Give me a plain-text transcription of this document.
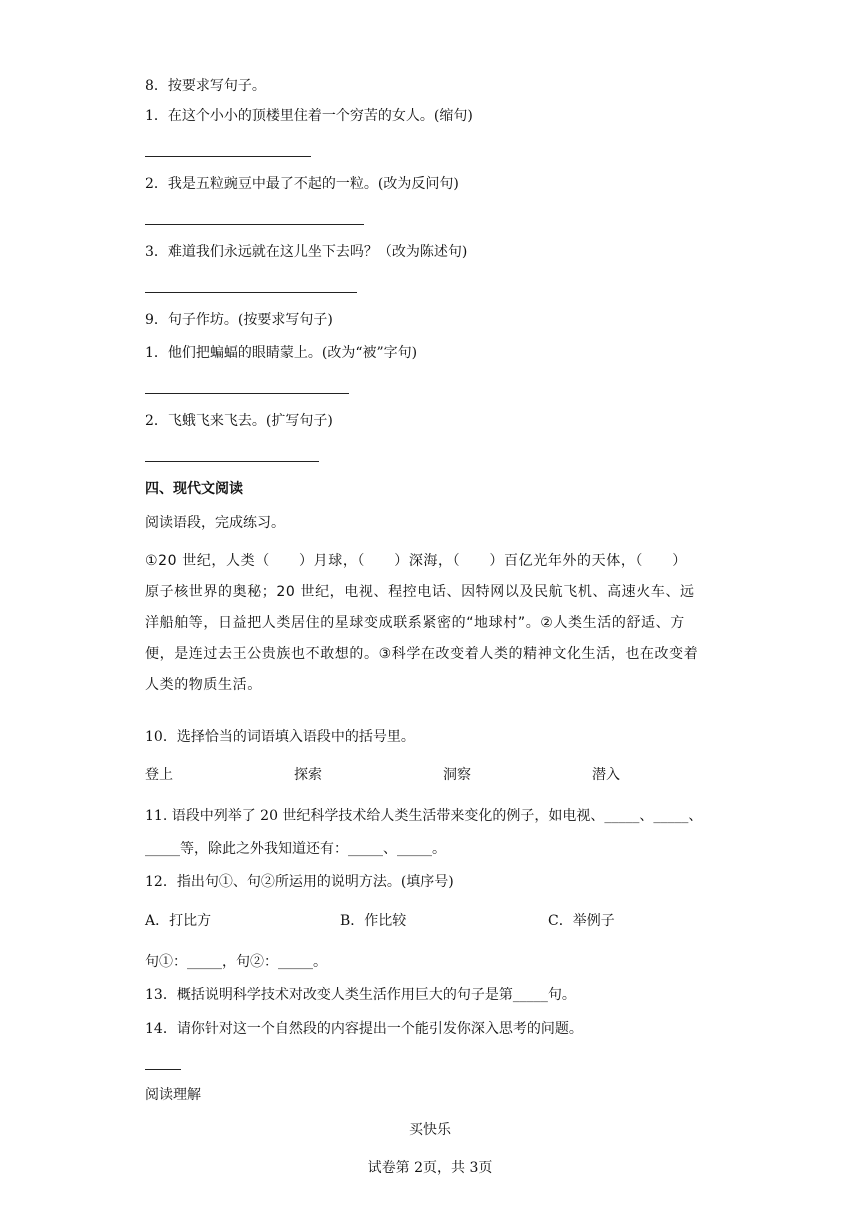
8．按要求写句子。
1．在这个小小的顶楼里住着一个穷苦的女人。(缩句)
2．我是五粒豌豆中最了不起的一粒。(改为反问句)
3．难道我们永远就在这儿坐下去吗？（改为陈述句)
9．句子作坊。(按要求写句子)
1．他们把蝙蝠的眼睛蒙上。(改为“被”字句)
2．飞蛾飞来飞去。(扩写句子)
四、现代文阅读
阅读语段，完成练习。
①20 世纪，人类（　　）月球，（　　）深海，（　　）百亿光年外的天体，（　　）
原子核世界的奥秘；20 世纪，电视、程控电话、因特网以及民航飞机、高速火车、远
洋船舶等，日益把人类居住的星球变成联系紧密的“地球村”。②人类生活的舒适、方
便，是连过去王公贵族也不敢想的。③科学在改变着人类的精神文化生活，也在改变着
人类的物质生活。
10．选择恰当的词语填入语段中的括号里。
登上	探索	洞察	潜入
11. 语段中列举了 20 世纪科学技术给人类生活带来变化的例子，如电视、_____、_____、
_____等，除此之外我知道还有：_____、_____。
12．指出句①、句②所运用的说明方法。(填序号)
A．打比方	B．作比较	C．举例子
句①：_____，句②：_____。
13．概括说明科学技术对改变人类生活作用巨大的句子是第_____句。
14．请你针对这一个自然段的内容提出一个能引发你深入思考的问题。
阅读理解
买快乐
试卷第 2页，共 3页
